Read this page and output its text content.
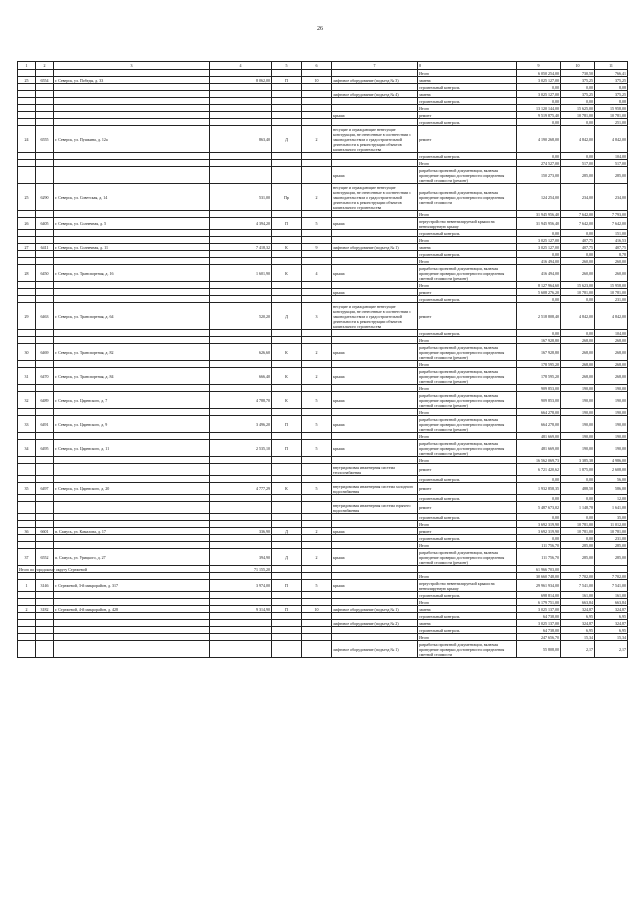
26
1	2	3	4	5	6	7	8	9	10	11
							Итого	6 050 254,00	730,50	766,41
25	6554	г. Северск, ул. Победы, д. 33	8 062,00	П	10	лифтовое оборудование (подъезд № 3)	замена	3 025 127,00	375,25	375,25
							строительный контроль	0,00	0,00	8,08
						лифтовое оборудование (подъезд № 4)	замена	3 025 127,00	375,25	375,25
							строительный контроль	0,00	0,00	8,08
							Итого	13 120 144,00	15 625,00	15 958,00
						крыша	ремонт	9 519 875,40	10 781,00	10 781,00
							строительный контроль	0,00	0,00	251,00
24	6555	г. Северск, ул. Пушкина, д. 12а	863,40	Д	2	несущие и ограждающие ненесущие конструкции, не отнесенные в соответствии с законодательством о градостроительной деятельности к реконструкции объектов капитального строительства	ремонт	4 190 268,00	4 842,00	4 842,00
							строительный контроль	0,00	0,00	104,00
							Итого	274 527,00	517,00	517,00
						крыша	разработка проектной документации, включая проведение проверки достоверности определения сметной стоимости (ремонт)	150 273,00	285,00	285,00
25	6290	г. Северск, ул. Советская, д. 14	531,00	Пр	2	несущие и ограждающие ненесущие конструкции, не отнесенные в соответствии с законодательством о градостроительной деятельности к реконструкции объектов капитального строительства	разработка проектной документации, включая проведение проверки достоверности определения сметной стоимости	124 254,00	234,00	234,00
							Итого	31 945 956,40	7 642,00	7 793,00
26	6405	г. Северск, ул. Солнечная, д. 5	4 394,20	П	5	крыша	переустройство невентилируемой крыши на вентилируемую крышу	31 945 956,40	7 642,00	7 642,00
							строительный контроль	0,00	0,00	151,00
							Итого	3 025 127,00	407,75	416,53
27	6411	г. Северск, ул. Солнечная, д. 11	7 418,32	К	9	лифтовое оборудование (подъезд № 1)	замена	3 025 127,00	407,75	407,75
							строительный контроль	0,00	0,00	8,78
							Итого	416 494,00	260,00	260,00
28	6450	г. Северск, ул. Транспортная, д. 16	1 601,90	К	4	крыша	разработка проектной документации, включая проведение проверки достоверности определения сметной стоимости (ремонт)	416 494,00	260,00	260,00
							Итого	8 127 964,60	15 623,00	15 958,00
						крыша	ремонт	5 608 276,20	10 781,00	10 781,00
							строительный контроль	0,00	0,00	231,00
29	6463	г. Северск, ул. Транспортная, д. 64	520,20	Д	3	несущие и ограждающие ненесущие конструкции, не отнесенные в соответствии с законодательством о градостроительной деятельности к реконструкции объектов капитального строительства	ремонт	2 518 808,40	4 842,00	4 842,00
							строительный контроль	0,00	0,00	104,00
							Итого	167 928,80	268,00	268,00
30	6469	г. Северск, ул. Транспортная, д. 82	626,60	К	2	крыша	разработка проектной документации, включая проведение проверки достоверности определения сметной стоимости (ремонт)	167 928,80	268,00	268,00
							Итого	178 595,20	268,00	268,00
31	6470	г. Северск, ул. Транспортная, д. 84	666,40	К	2	крыша	разработка проектной документации, включая проведение проверки достоверности определения сметной стоимости (ремонт)	178 595,20	268,00	268,00
							Итого	909 853,00	190,00	190,00
32	6489	г. Северск, ул. Царевского, д. 7	4 788,70	К	5	крыша	разработка проектной документации, включая проведение проверки достоверности определения сметной стоимости (ремонт)	909 853,00	190,00	190,00
							Итого	664 278,00	190,00	190,00
33	6491	г. Северск, ул. Царевского, д. 9	3 496,20	П	5	крыша	разработка проектной документации, включая проведение проверки достоверности определения сметной стоимости (ремонт)	664 278,00	190,00	190,00
							Итого	481 669,00	190,00	190,00
34	6495	г. Северск, ул. Царевского, д. 11	2 535,10	П	5	крыша	разработка проектной документации, включая проведение проверки достоверности определения сметной стоимости (ремонт)	481 669,00	190,00	190,00
							Итого	16 562 069,73	3 385,38	4 986,00
						внутридомовая инженерная система теплоснабжения	ремонт	6 721 420,62	1 875,00	2 608,00
							строительный контроль	0,00	0,00	56,00
35	6497	г. Северск, ул. Царевского, д. 20	4 777,29	К	5	внутридомовая инженерная система холодного водоснабжения	ремонт	1 932 858,35	488,50	586,00
							строительный контроль	0,00	0,00	12,00
						внутридомовая инженерная система горячего водоснабжения	ремонт	5 487 673,02	1 148,78	1 641,00
							строительный контроль	0,00	0,00	35,00
							Итого	3 692 319,90	10 781,00	11 012,00
36	6601	п. Самусь, ул. Камалова, д. 17	336,90	Д	2	крыша	ремонт	3 692 319,90	10 781,00	10 781,00
							строительный контроль	0,00	0,00	231,00
							Итого	111 756,70	285,00	285,00
37	6552	п. Самусь, ул. Урицкого, д. 27	394,90	Д	2	крыша	разработка проектной документации, включая проведение проверки достоверности определения сметной стоимости (ремонт)	111 756,70	285,00	285,00
Итого по городскому округу Стрежевой			71 155,20					61 966 703,00		
							Итого	30 660 748,00	7 702,00	7 702,00
1	3146	г. Стрежевой, 3-й микрорайон, д. 317	3 974,00	П	5	крыша	переустройство невентилируемой крыши на вентилируемую крышу	29 961 934,00	7 541,00	7 541,00
							строительный контроль	698 814,00	161,00	161,00
							Итого	6 179 751,00	663,84	663,84
2	3182	г. Стрежевой, 4-й микрорайон, д. 428	9 314,90	П	10	лифтовое оборудование (подъезд № 1)	замена	3 025 137,00	324,87	324,87
							строительный контроль	64 738,00	6,95	6,95
						лифтовое оборудование (подъезд № 2)	замена	3 025 137,00	324,87	324,87
							строительный контроль	64 738,00	6,95	6,95
							Итого	247 656,70	15,34	15,34
						лифтовое оборудование (подъезд № 1)	разработка проектной документации, включая проведение проверки достоверности определения сметной стоимости	55 808,00	2,17	2,17
